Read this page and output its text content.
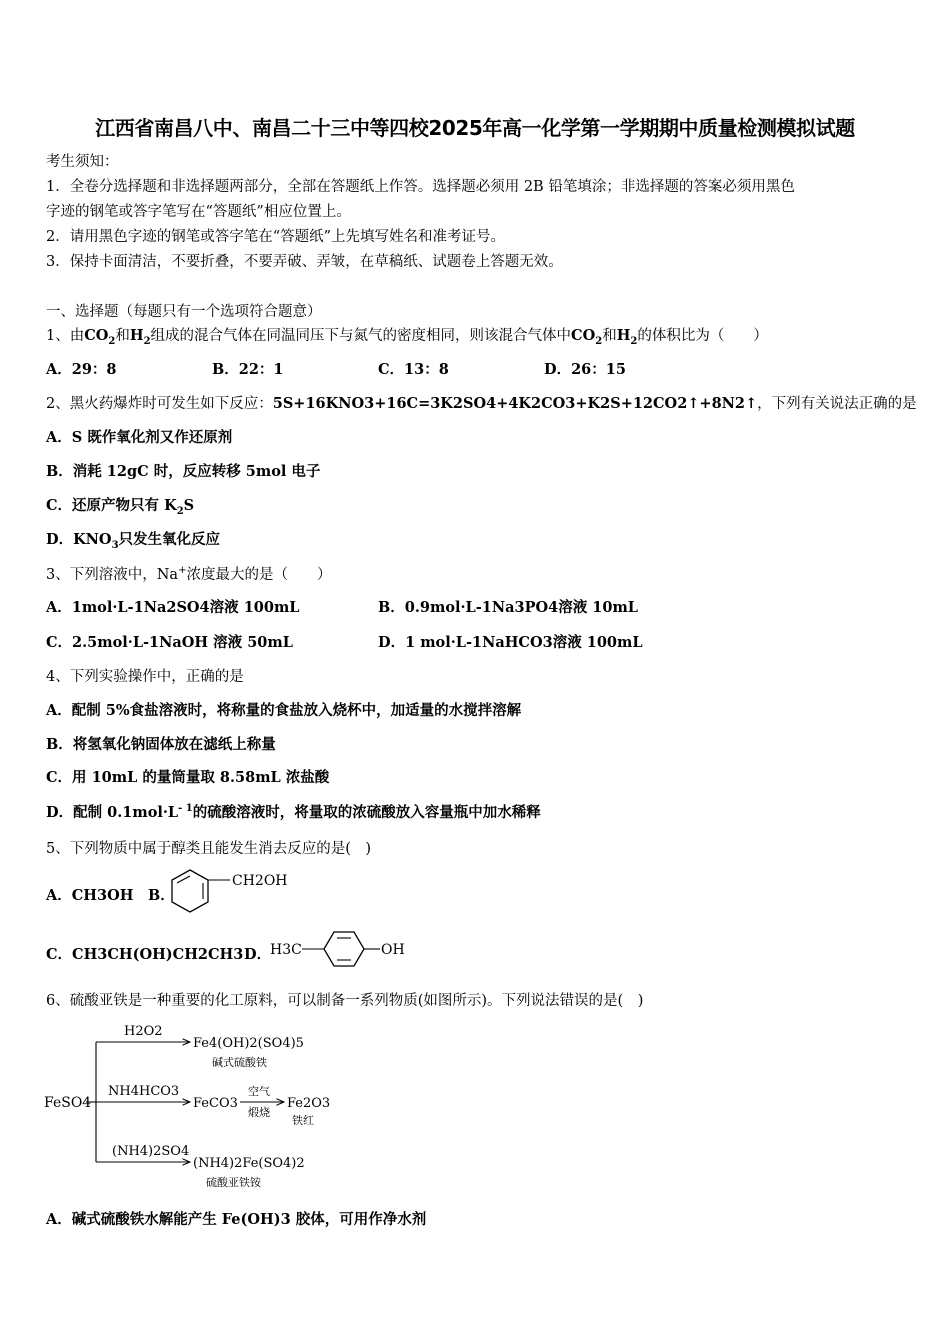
江西省南昌八中、南昌二十三中等四校2025年高一化学第一学期期中质量检测模拟试题
考生须知：
1．全卷分选择题和非选择题两部分，全部在答题纸上作答。选择题必须用 2B 铅笔填涂；非选择题的答案必须用黑色
字迹的钢笔或答字笔写在“答题纸”相应位置上。
2．请用黑色字迹的钢笔或答字笔在“答题纸”上先填写姓名和准考证号。
3．保持卡面清洁，不要折叠，不要弄破、弄皱，在草稿纸、试题卷上答题无效。
一、选择题（每题只有一个选项符合题意）
1、由$CO_2$和$H_2$组成的混合气体在同温同压下与氮气的密度相同，则该混合气体中$CO_2$和$H_2$的体积比为（　　）
A．29：8	B．22：1	C．13：8	D．26：15
2、黑火药爆炸时可发生如下反应：5S+16KNO3+16C=3K2SO4+4K2CO3+K2S+12CO2↑+8N2↑，下列有关说法正确的是
A．S 既作氧化剂又作还原剂
B．消耗 12gC 时，反应转移 5mol 电子
C．还原产物只有 $K_2S$
D．$KNO_3$只发生氧化反应
3、下列溶液中，Na+浓度最大的是（　　）
A．1mol·L-1Na2SO4溶液 100mL	B．0.9mol·L-1Na3PO4溶液 10mL
C．2.5mol·L-1NaOH 溶液 50mL	D．1 mol·L-1NaHCO3溶液 100mL
4、下列实验操作中，正确的是
A．配制 5%食盐溶液时，将称量的食盐放入烧杯中，加适量的水搅拌溶解
B．将氢氧化钠固体放在滤纸上称量
C．用 10mL 的量筒量取 8.58mL 浓盐酸
D．配制 $0.1mol\cdot L^{- 1}$的硫酸溶液时，将量取的浓硫酸放入容量瓶中加水稀释
5、下列物质中属于醇类且能发生消去反应的是(　)
A．CH3OH B．
CH2OH
C．CH3CH(OH)CH2CH3 D．
H3C	OH
6、硫酸亚铁是一种重要的化工原料，可以制备一系列物质(如图所示)。下列说法错误的是(　)
FeSO4
H2O2
Fe4(OH)2(SO4)5
碱式硫酸铁
NH4HCO3
FeCO3
空气
煅烧
Fe2O3
铁红
(NH4)2SO4
(NH4)2Fe(SO4)2
硫酸亚铁铵
A．碱式硫酸铁水解能产生 Fe(OH)3 胶体，可用作净水剂
